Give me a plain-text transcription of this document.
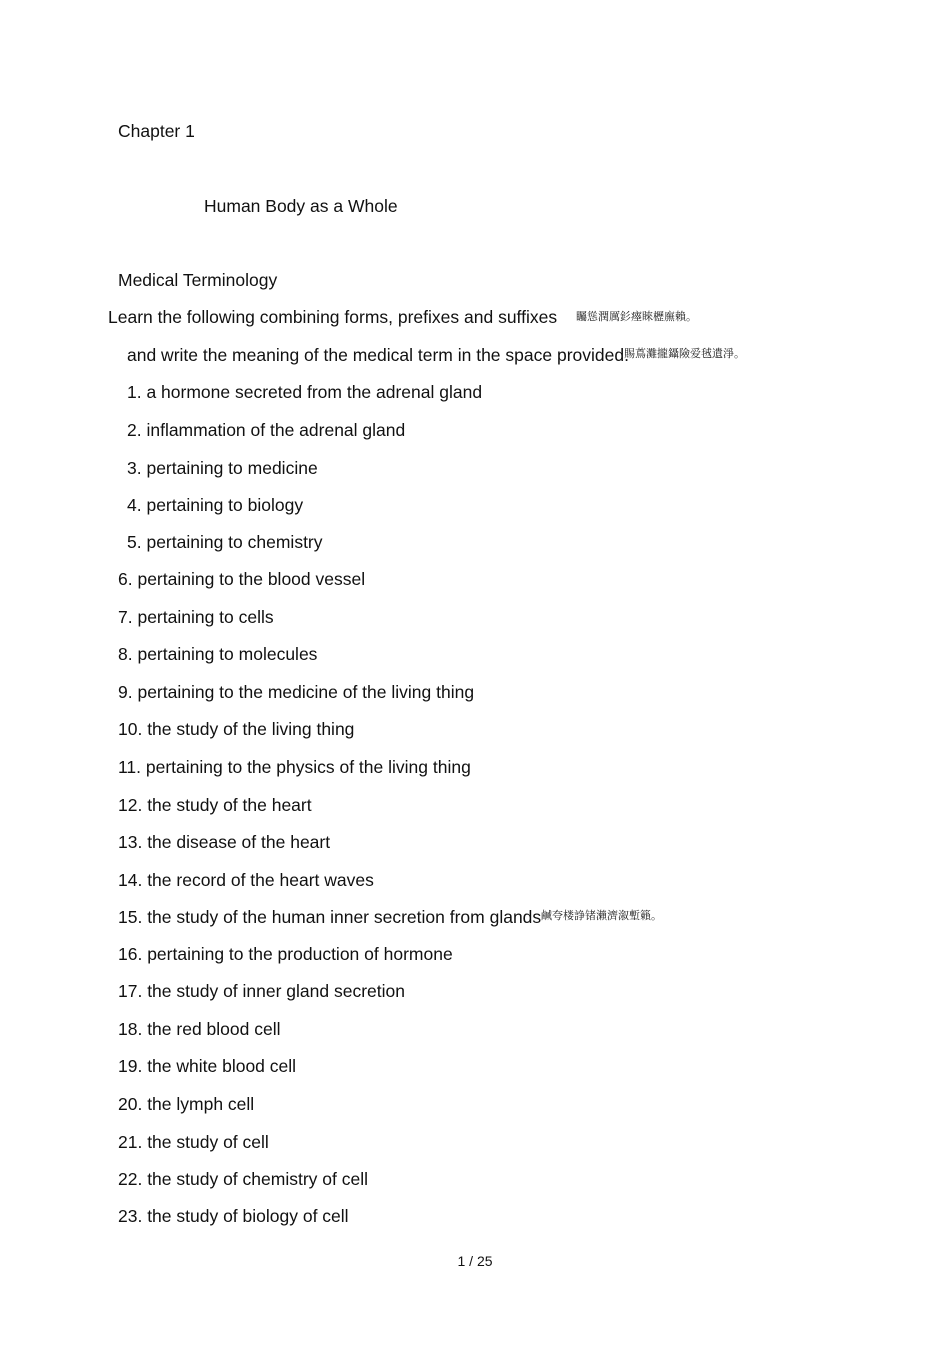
Chapter 1
Human Body as a Whole
Medical Terminology
Learn the following combining forms, prefixes and suffixes 矚慫潤厲釤瘞睞櫪廡賴。
and write the meaning of the medical term in the space provided.
賜蔦灘攏鑷險爱毧遺淨。
1. a hormone secreted from the adrenal gland
2. inflammation of the adrenal gland
3. pertaining to medicine
4. pertaining to biology
5. pertaining to chemistry
6. pertaining to the blood vessel
7. pertaining to cells
8. pertaining to molecules
9. pertaining to the medicine of the living thing
10. the study of the living thing
11. pertaining to the physics of the living thing
12. the study of the heart
13. the disease of the heart
14. the record of the heart waves
15. the study of the human inner secretion from glands 鹹夸楼諍锗瀨濟溆塹籟。
16. pertaining to the production of hormone
17. the study of inner gland secretion
18. the red blood cell
19. the white blood cell
20. the lymph cell
21. the study of cell
22. the study of chemistry of cell
23. the study of biology of cell
1 / 25
